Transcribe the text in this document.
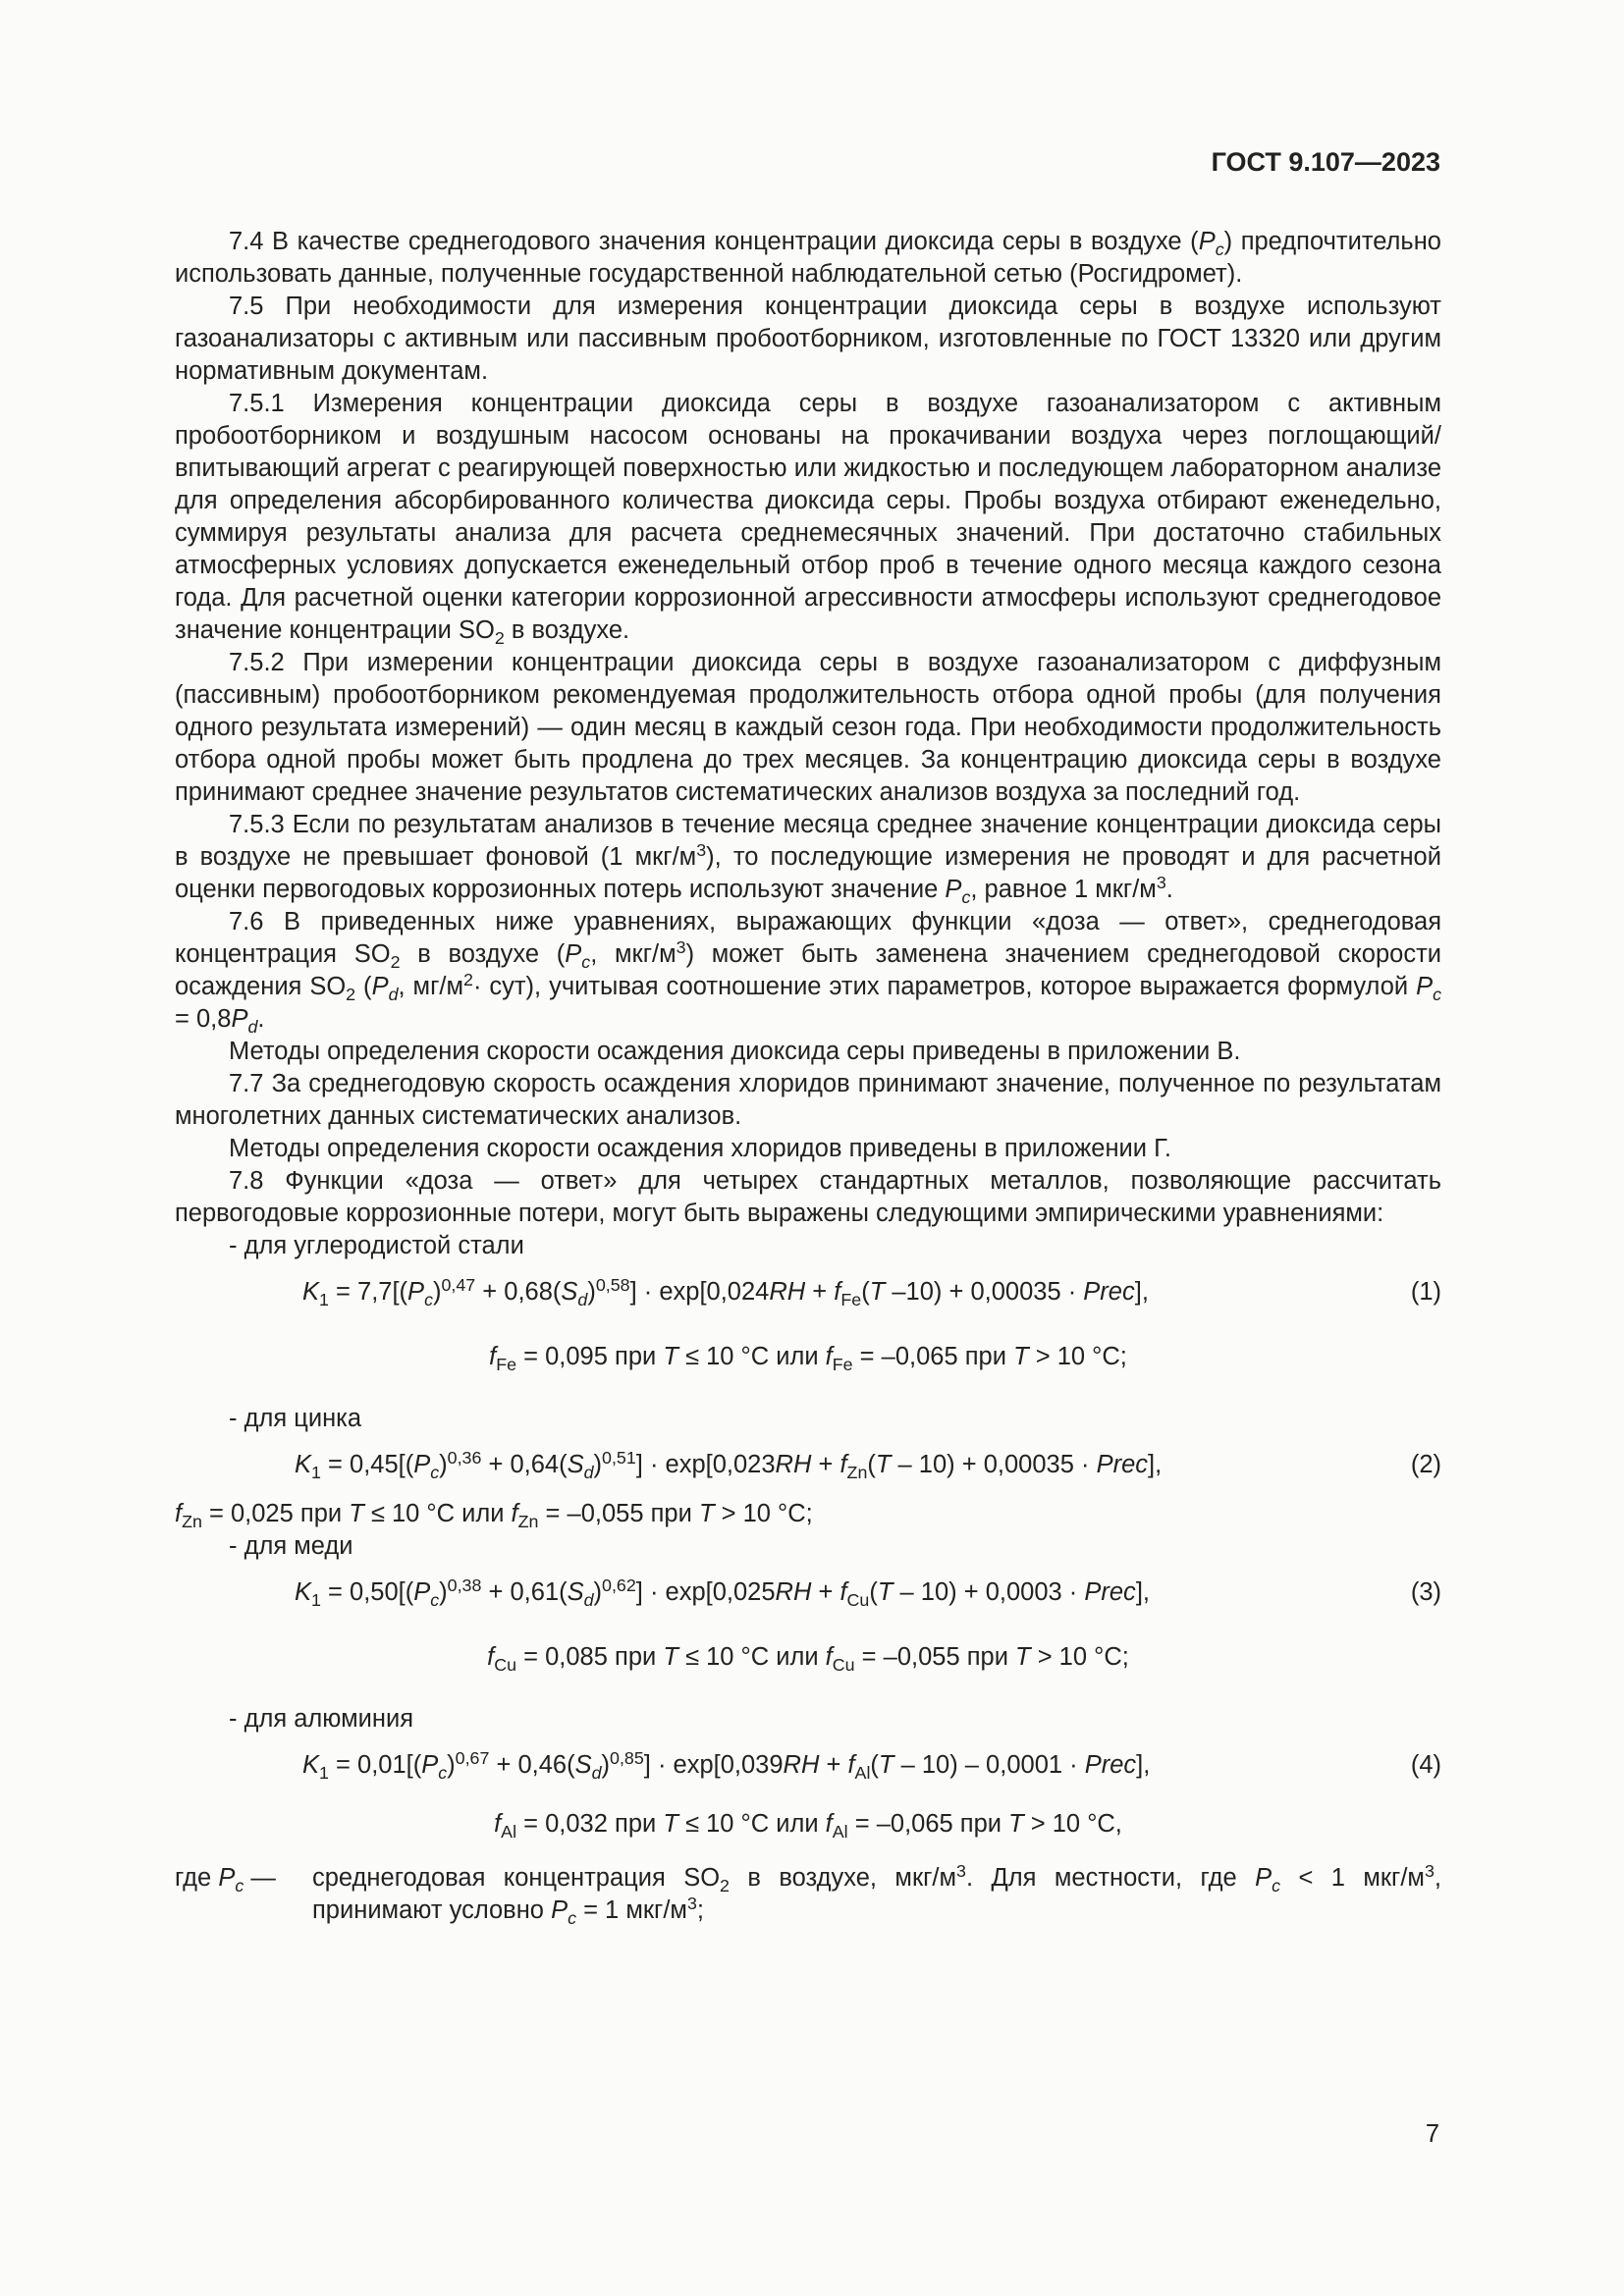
ГОСТ 9.107—2023

7.4 В качестве среднегодового значения концентрации диоксида серы в воздухе $(P_c)$ предпочтительно использовать данные, полученные государственной наблюдательной сетью (Росгидромет).

7.5 При необходимости для измерения концентрации диоксида серы в воздухе используют газоанализаторы с активным или пассивным пробоотборником, изготовленные по ГОСТ 13320 или другим нормативным документам.

7.5.1 Измерения концентрации диоксида серы в воздухе газоанализатором с активным пробоотборником и воздушным насосом основаны на прокачивании воздуха через поглощающий/впитывающий агрегат с реагирующей поверхностью или жидкостью и последующем лабораторном анализе для определения абсорбированного количества диоксида серы. Пробы воздуха отбирают еженедельно, суммируя результаты анализа для расчета среднемесячных значений. При достаточно стабильных атмосферных условиях допускается еженедельный отбор проб в течение одного месяца каждого сезона года. Для расчетной оценки категории коррозионной агрессивности атмосферы используют среднегодовое значение концентрации $SO_2$ в воздухе.

7.5.2 При измерении концентрации диоксида серы в воздухе газоанализатором с диффузным (пассивным) пробоотборником рекомендуемая продолжительность отбора одной пробы (для получения одного результата измерений) — один месяц в каждый сезон года. При необходимости продолжительность отбора одной пробы может быть продлена до трех месяцев. За концентрацию диоксида серы в воздухе принимают среднее значение результатов систематических анализов воздуха за последний год.

7.5.3 Если по результатам анализов в течение месяца среднее значение концентрации диоксида серы в воздухе не превышает фоновой (1 мкг/$м^3$), то последующие измерения не проводят и для расчетной оценки первогодовых коррозионных потерь используют значение $P_c$, равное 1 мкг/$м^3$.

7.6 В приведенных ниже уравнениях, выражающих функции «доза — ответ», среднегодовая концентрация $SO_2$ в воздухе ($P_c$, мкг/$м^3$) может быть заменена значением среднегодовой скорости осаждения $SO_2$ ($P_d$, $мг/м^2\cdot сут$), учитывая соотношение этих параметров, которое выражается формулой $P_c = 0,8P_d$.

Методы определения скорости осаждения диоксида серы приведены в приложении В.

7.7 За среднегодовую скорость осаждения хлоридов принимают значение, полученное по результатам многолетних данных систематических анализов.

Методы определения скорости осаждения хлоридов приведены в приложении Г.

7.8 Функции «доза — ответ» для четырех стандартных металлов, позволяющие рассчитать первогодовые коррозионные потери, могут быть выражены следующими эмпирическими уравнениями:

- для углеродистой стали

$K_1 = 7,7[(P_c)^{0,47} + 0,68(S_d)^{0,58}] \cdot \exp[0,024RH + f_{Fe}(T$ –10) + 0,00035 · Prec],	(1)

$f_{Fe} = 0,095$ при T ≤ 10 °С или $f_{Fe} = -0,065$ при T > 10 °С;

- для цинка

$K_1 = 0,45[(P_c)^{0,36} + 0,64(S_d)^{0,51}] \cdot \exp[0,023RH + f_{Zn}(T - 10) + 0,00035$ · Prec],	(2)

$f_{Zn} = 0,025$ при T ≤ 10 °С или $f_{Zn} = -0,055$ при T > 10 °С;

- для меди

$K_1 = 0,50[(P_c)^{0,38} + 0,61(S_d)^{0,62}] \cdot \exp[0,025RH + f_{Cu}(T - 10) + 0,0003$ · Prec],	(3)

$f_{Cu} = 0,085$ при T ≤ 10 °С или $f_{Cu} = -0,055$ при T > 10 °С;

- для алюминия

$K_1 = 0,01[(P_c)^{0,67} + 0,46(S_d)^{0,85}] \cdot \exp[0,039RH + f_{Al}(T - 10) - 0,0001$ · Prec],	(4)

$f_{Al} = 0,032$ при T ≤ 10 °С или $f_{Al} = -0,065$ при T > 10 °С,

где $P_c$ —	среднегодовая концентрация $SO_2$ в воздухе, мкг/$м^3$. Для местности, где $P_c < 1$ мкг/$м^3$, принимают условно $P_c = 1$ мкг/$м^3$;
7
